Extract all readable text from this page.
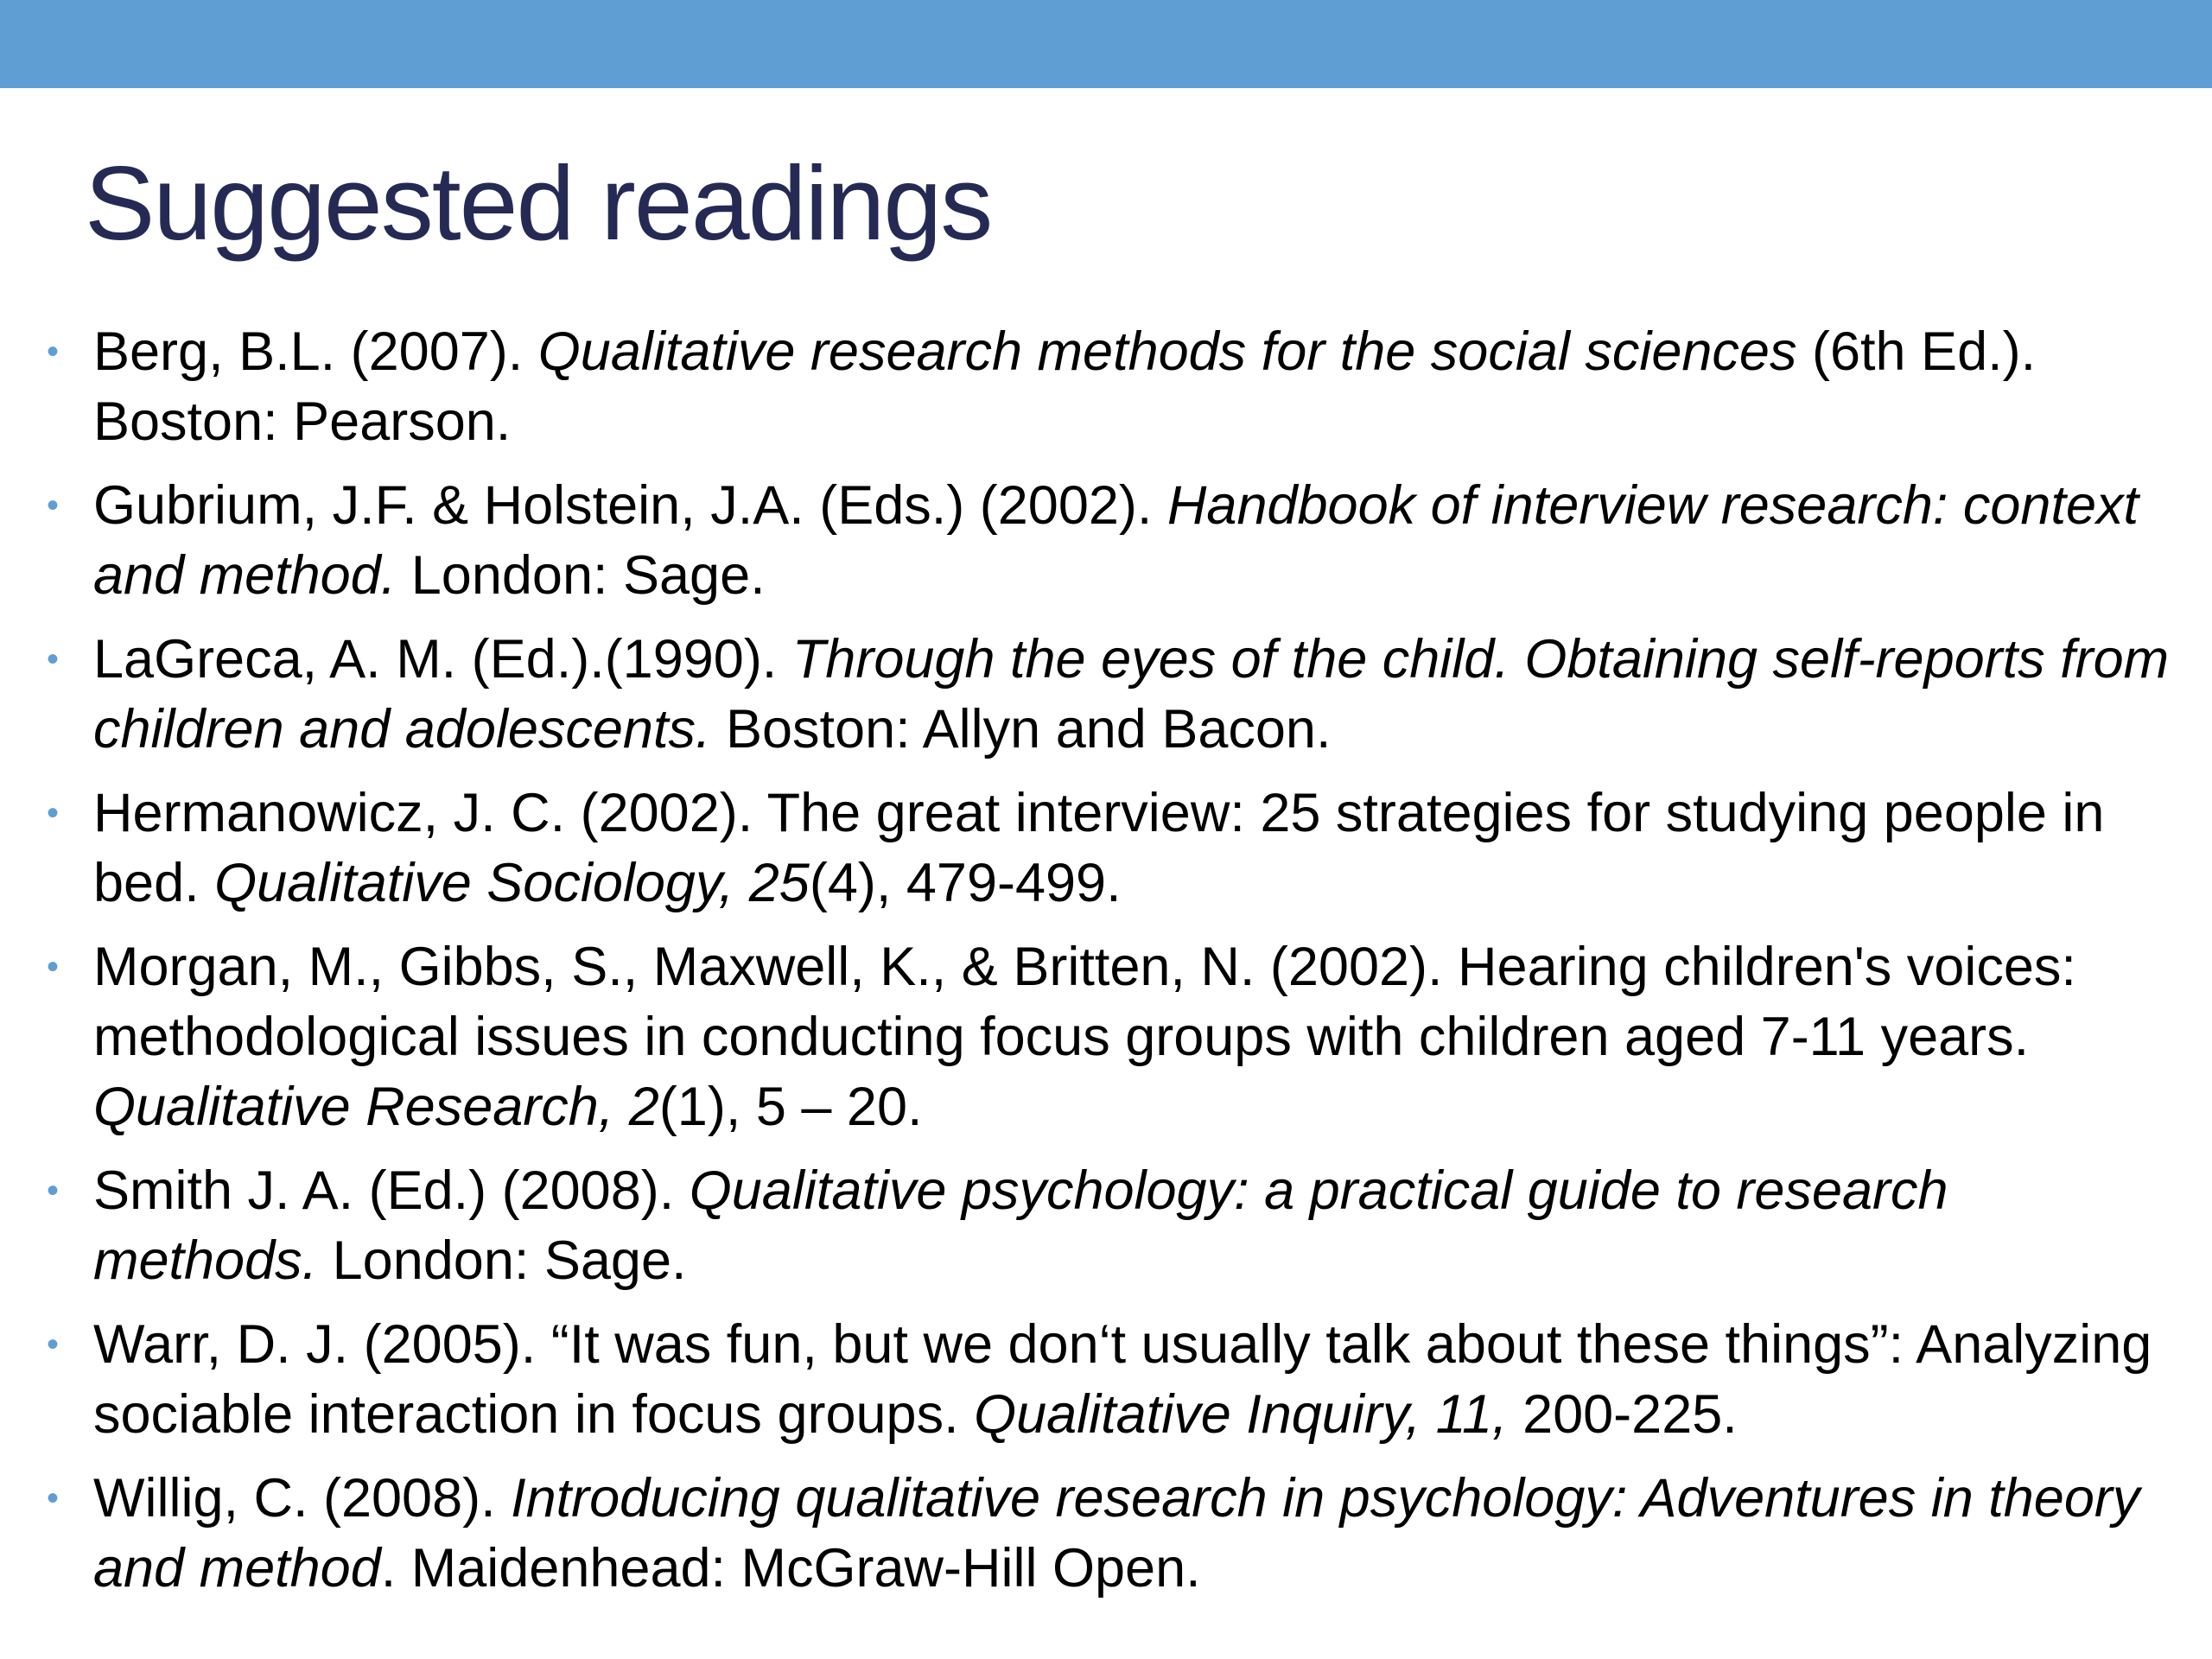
Suggested readings
• Berg, B.L. (2007). Qualitative research methods for the social sciences (6th Ed.). Boston: Pearson.
• Gubrium, J.F. & Holstein, J.A. (Eds.) (2002). Handbook of interview research: context and method. London: Sage.
• LaGreca, A. M. (Ed.).(1990). Through the eyes of the child. Obtaining self-reports from children and adolescents. Boston: Allyn and Bacon.
• Hermanowicz, J. C. (2002). The great interview: 25 strategies for studying people in bed. Qualitative Sociology, 25(4), 479-499.
• Morgan, M., Gibbs, S., Maxwell, K., & Britten, N. (2002). Hearing children's voices: methodological issues in conducting focus groups with children aged 7-11 years. Qualitative Research, 2(1), 5 – 20.
• Smith J. A. (Ed.) (2008). Qualitative psychology: a practical guide to research methods. London: Sage.
• Warr, D. J. (2005). “It was fun, but we don‘t usually talk about these things”: Analyzing sociable interaction in focus groups. Qualitative Inquiry, 11, 200-225.
• Willig, C. (2008). Introducing qualitative research in psychology: Adventures in theory and method. Maidenhead: McGraw-Hill Open.
